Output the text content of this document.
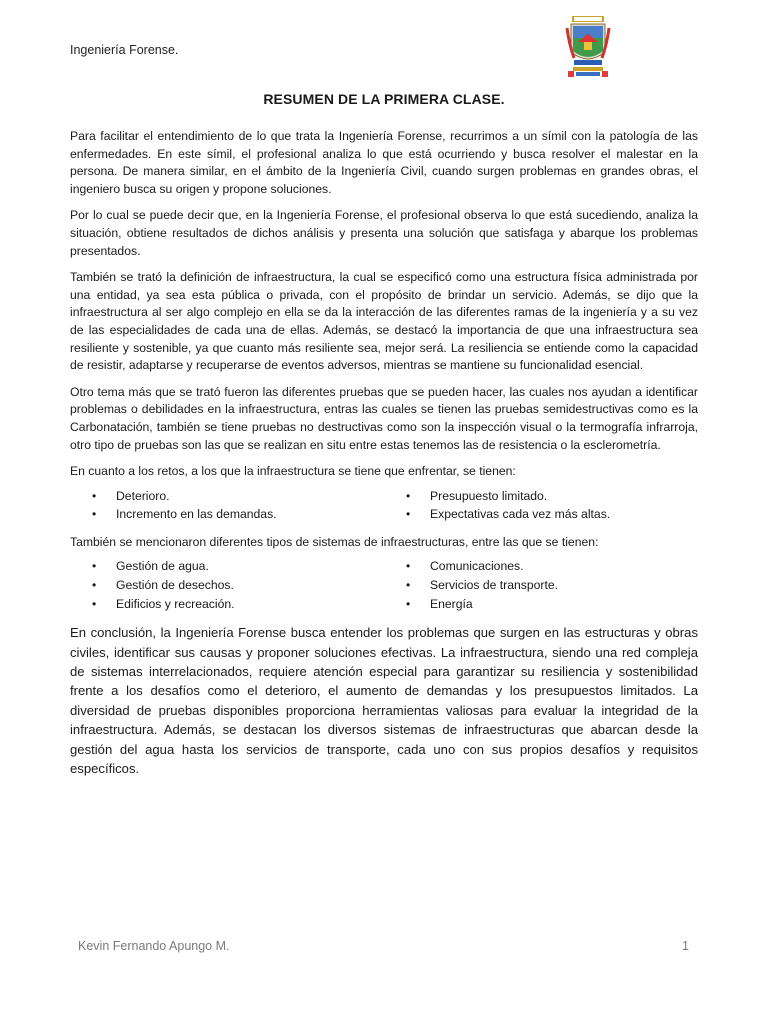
Ingeniería Forense.
RESUMEN DE LA PRIMERA CLASE.

Para facilitar el entendimiento de lo que trata la Ingeniería Forense, recurrimos a un símil con la patología de las enfermedades. En este símil, el profesional analiza lo que está ocurriendo y busca resolver el malestar en la persona. De manera similar, en el ámbito de la Ingeniería Civil, cuando surgen problemas en grandes obras, el ingeniero busca su origen y propone soluciones.

Por lo cual se puede decir que, en la Ingeniería Forense, el profesional observa lo que está sucediendo, analiza la situación, obtiene resultados de dichos análisis y presenta una solución que satisfaga y abarque los problemas presentados.

También se trató la definición de infraestructura, la cual se especificó como una estructura física administrada por una entidad, ya sea esta pública o privada, con el propósito de brindar un servicio. Además, se dijo que la infraestructura al ser algo complejo en ella se da la interacción de las diferentes ramas de la ingeniería y a su vez de las especialidades de cada una de ellas. Además, se destacó la importancia de que una infraestructura sea resiliente y sostenible, ya que cuanto más resiliente sea, mejor será. La resiliencia se entiende como la capacidad de resistir, adaptarse y recuperarse de eventos adversos, mientras se mantiene su funcionalidad esencial.

Otro tema más que se trató fueron las diferentes pruebas que se pueden hacer, las cuales nos ayudan a identificar problemas o debilidades en la infraestructura, entras las cuales se tienen las pruebas semidestructivas como es la Carbonatación, también se tiene pruebas no destructivas como son la inspección visual o la termografía infrarroja, otro tipo de pruebas son las que se realizan en situ entre estas tenemos las de resistencia o la esclerometría.

En cuanto a los retos, a los que la infraestructura se tiene que enfrentar, se tienen:

• Deterioro.
• Incremento en las demandas.
• Presupuesto limitado.
• Expectativas cada vez más altas.

También se mencionaron diferentes tipos de sistemas de infraestructuras, entre las que se tienen:

• Gestión de agua.
• Gestión de desechos.
• Edificios y recreación.
• Comunicaciones.
• Servicios de transporte.
• Energía

En conclusión, la Ingeniería Forense busca entender los problemas que surgen en las estructuras y obras civiles, identificar sus causas y proponer soluciones efectivas. La infraestructura, siendo una red compleja de sistemas interrelacionados, requiere atención especial para garantizar su resiliencia y sostenibilidad frente a los desafíos como el deterioro, el aumento de demandas y los presupuestos limitados. La diversidad de pruebas disponibles proporciona herramientas valiosas para evaluar la integridad de la infraestructura. Además, se destacan los diversos sistemas de infraestructuras que abarcan desde la gestión del agua hasta los servicios de transporte, cada uno con sus propios desafíos y requisitos específicos.

Kevin Fernando Apungo M.	1
